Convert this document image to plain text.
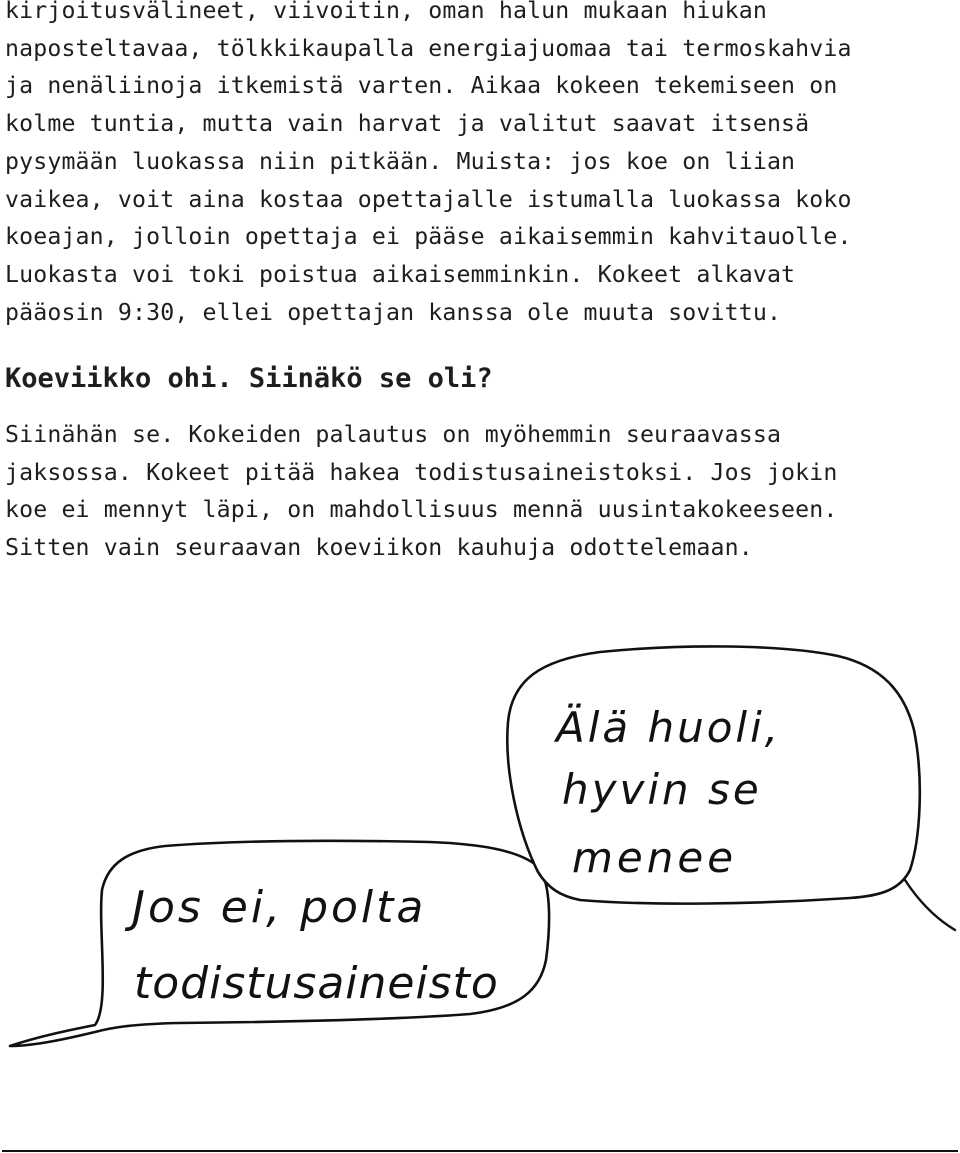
kirjoitusvälineet, viivoitin, oman halun mukaan hiukan
naposteltavaa, tölkkikaupalla energiajuomaa tai termoskahvia
ja nenäliinoja itkemistä varten. Aikaa kokeen tekemiseen on
kolme tuntia, mutta vain harvat ja valitut saavat itsensä
pysymään luokassa niin pitkään. Muista: jos koe on liian
vaikea, voit aina kostaa opettajalle istumalla luokassa koko
koeajan, jolloin opettaja ei pääse aikaisemmin kahvitauolle.
Luokasta voi toki poistua aikaisemminkin. Kokeet alkavat
pääosin 9:30, ellei opettajan kanssa ole muuta sovittu.

Koeviikko ohi. Siinäkö se oli?

Siinähän se. Kokeiden palautus on myöhemmin seuraavassa
jaksossa. Kokeet pitää hakea todistusaineistoksi. Jos jokin
koe ei mennyt läpi, on mahdollisuus mennä uusintakokeeseen.
Sitten vain seuraavan koeviikon kauhuja odottelemaan.

Jos ei, polta
todistusaineisto
Älä huoli,
hyvin se
menee
